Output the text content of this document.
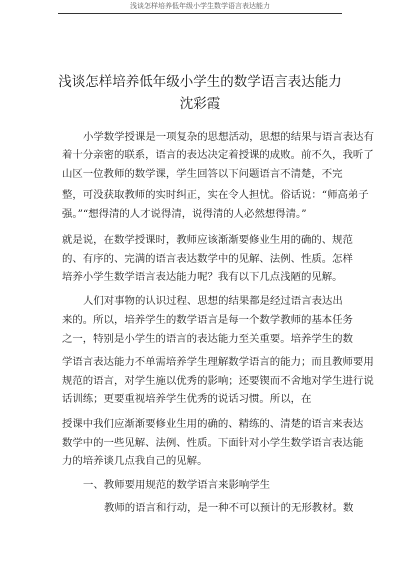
浅谈怎样培养低年级小学生数学语言表达能力
浅谈怎样培养低年级小学生的数学语言表达能力
沈彩霞
小学数学授课是一项复杂的思想活动，思想的结果与语言表达有
着十分亲密的联系，语言的表达决定着授课的成败。前不久，我听了
山区一位教师的数学课，学生回答以下问题语言不清楚，不完
整，可没获取教师的实时纠正，实在令人担忧。俗话说：“师高弟子
强。”“想得清的人才说得清，说得清的人必然想得清。”
就是说，在数学授课时，教师应该渐渐要修业生用的确的、规范
的、有序的、完满的语言表达数学中的见解、法例、性质。怎样
培养小学生数学语言表达能力呢？我有以下几点浅陋的见解。
人们对事物的认识过程、思想的结果都是经过语言表达出
来的。所以，培养学生的数学语言是每一个数学教师的基本任务
之一，特别是小学生的语言的表达能力至关重要。培养学生的数
学语言表达能力不单需培养学生理解数学语言的能力；而且教师要用
规范的语言，对学生施以优秀的影响；还要锲而不舍地对学生进行说
话训练；更要重视培养学生优秀的说话习惯。所以，在
授课中我们应渐渐要修业生用的确的、精练的、清楚的语言来表达
数学中的一些见解、法例、性质。下面针对小学生数学语言表达能
力的培养谈几点我自己的见解。
一、教师要用规范的数学语言来影响学生
教师的语言和行动，是一种不可以预计的无形教材。数
